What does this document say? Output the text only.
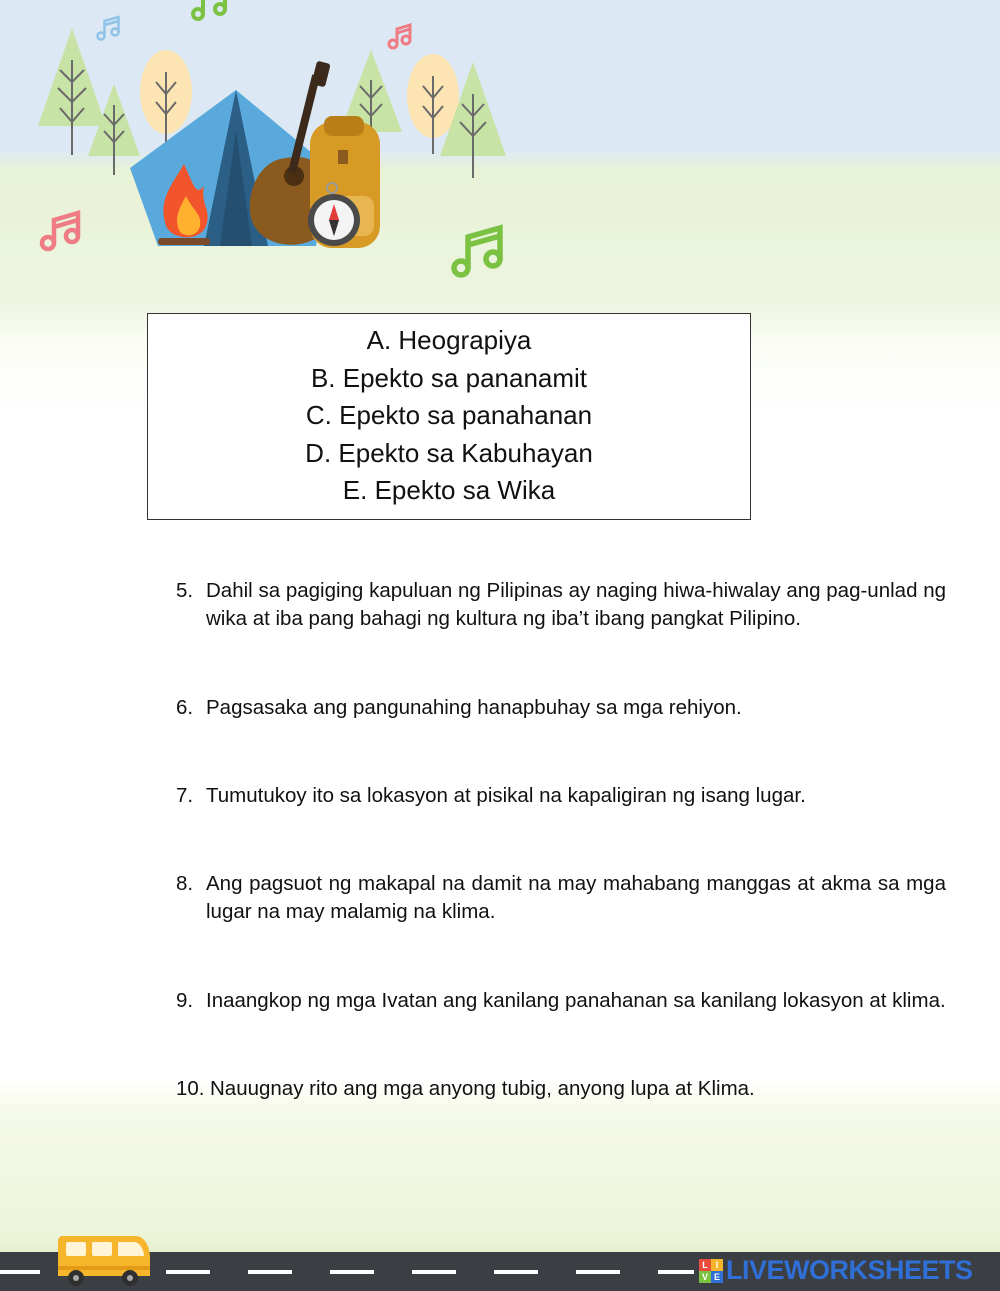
A. Heograpiya
B. Epekto sa pananamit
C. Epekto sa panahanan
D. Epekto sa Kabuhayan
E. Epekto sa Wika
5. Dahil sa pagiging kapuluan ng Pilipinas ay naging hiwa-hiwalay ang pag-unlad ng wika at iba pang bahagi ng kultura ng iba’t ibang pangkat Pilipino.
6. Pagsasaka ang pangunahing hanapbuhay sa mga rehiyon.
7. Tumutukoy ito sa lokasyon at pisikal na kapaligiran ng isang lugar.
8. Ang pagsuot ng makapal na damit na may mahabang manggas at akma sa mga lugar na may malamig na klima.
9. Inaangkop ng mga Ivatan ang kanilang panahanan sa kanilang lokasyon at klima.
10. Nauugnay rito ang mga anyong tubig, anyong lupa at Klima.
L I
V E LIVEWORKSHEETS
